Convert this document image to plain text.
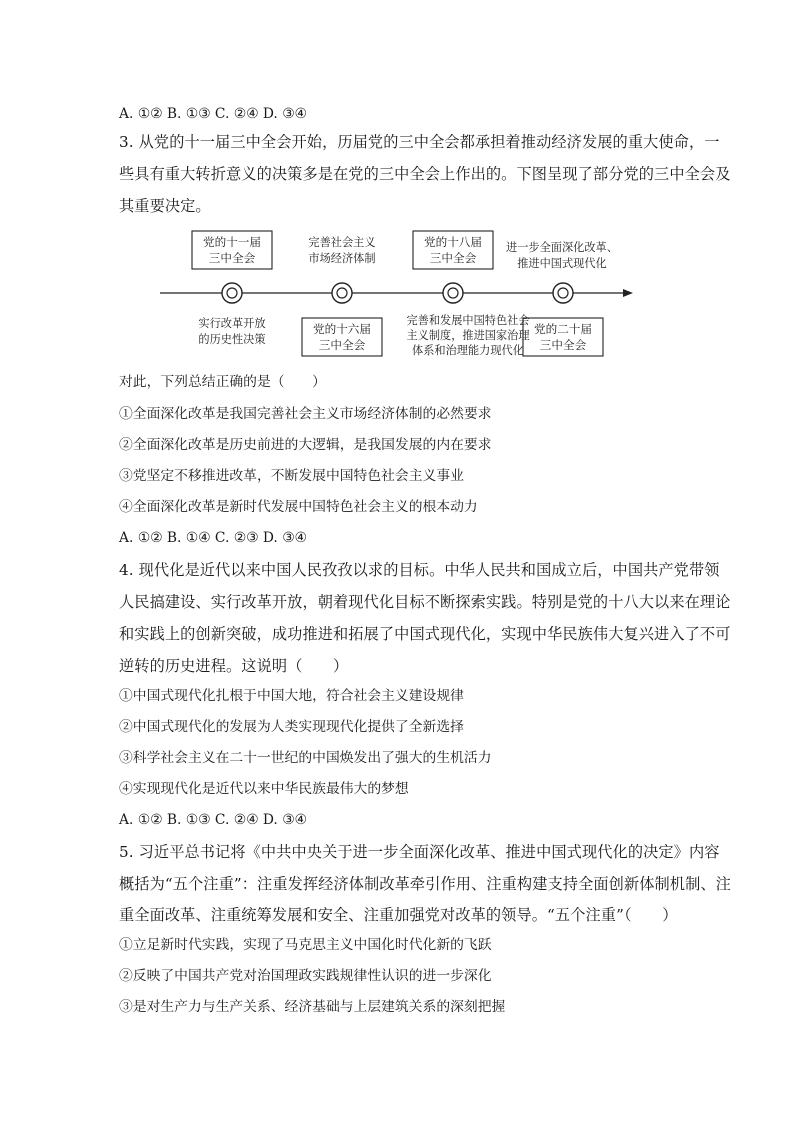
A. ①② B. ①③ C. ②④ D. ③④
3. 从党的十一届三中全会开始，历届党的三中全会都承担着推动经济发展的重大使命，一
些具有重大转折意义的决策多是在党的三中全会上作出的。下图呈现了部分党的三中全会及
其重要决定。
党的十一届三中全会
党的十六届三中全会
党的十八届三中全会
党的二十届三中全会
实行改革开放的历史性决策
完善社会主义市场经济体制
完善和发展中国特色社会主义制度，推进国家治理体系和治理能力现代化
进一步全面深化改革、推进中国式现代化
对此，下列总结正确的是（　　）
①全面深化改革是我国完善社会主义市场经济体制的必然要求
②全面深化改革是历史前进的大逻辑，是我国发展的内在要求
③党坚定不移推进改革，不断发展中国特色社会主义事业
④全面深化改革是新时代发展中国特色社会主义的根本动力
A. ①② B. ①④ C. ②③ D. ③④
4. 现代化是近代以来中国人民孜孜以求的目标。中华人民共和国成立后，中国共产党带领
人民搞建设、实行改革开放，朝着现代化目标不断探索实践。特别是党的十八大以来在理论
和实践上的创新突破，成功推进和拓展了中国式现代化，实现中华民族伟大复兴进入了不可
逆转的历史进程。这说明（　　）
①中国式现代化扎根于中国大地，符合社会主义建设规律
②中国式现代化的发展为人类实现现代化提供了全新选择
③科学社会主义在二十一世纪的中国焕发出了强大的生机活力
④实现现代化是近代以来中华民族最伟大的梦想
A. ①② B. ①③ C. ②④ D. ③④
5. 习近平总书记将《中共中央关于进一步全面深化改革、推进中国式现代化的决定》内容
概括为“五个注重”：注重发挥经济体制改革牵引作用、注重构建支持全面创新体制机制、注
重全面改革、注重统筹发展和安全、注重加强党对改革的领导。“五个注重”（　　）
①立足新时代实践，实现了马克思主义中国化时代化新的飞跃
②反映了中国共产党对治国理政实践规律性认识的进一步深化
③是对生产力与生产关系、经济基础与上层建筑关系的深刻把握
